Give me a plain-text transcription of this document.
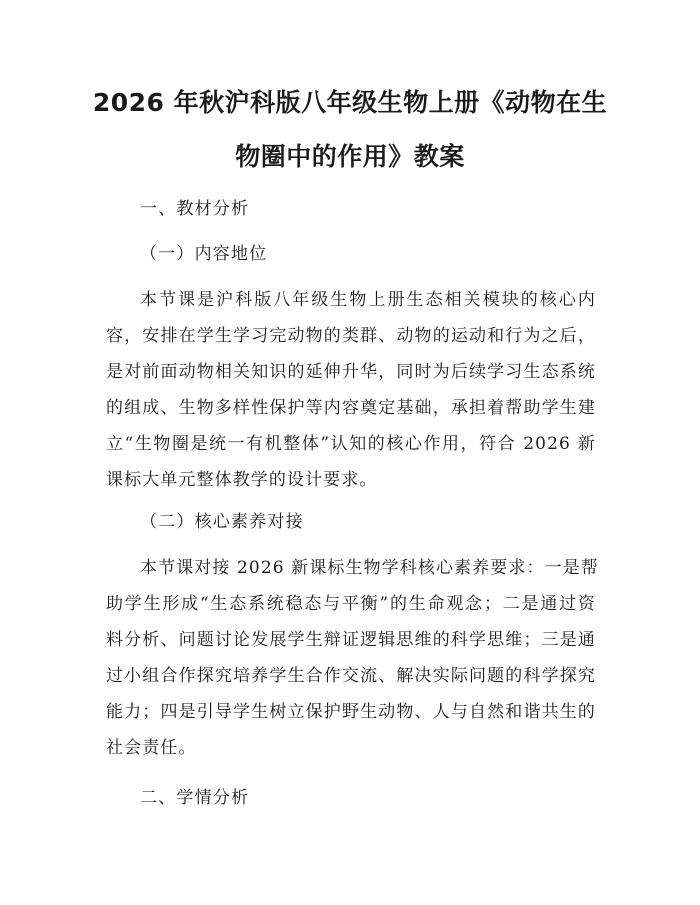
2026 年秋沪科版八年级生物上册《动物在生
物圈中的作用》教案
一、教材分析
（一）内容地位
本节课是沪科版八年级生物上册生态相关模块的核心内
容，安排在学生学习完动物的类群、动物的运动和行为之后，
是对前面动物相关知识的延伸升华，同时为后续学习生态系统
的组成、生物多样性保护等内容奠定基础，承担着帮助学生建
立“生物圈是统一有机整体”认知的核心作用，符合 2026 新
课标大单元整体教学的设计要求。
（二）核心素养对接
本节课对接 2026 新课标生物学科核心素养要求：一是帮
助学生形成“生态系统稳态与平衡”的生命观念；二是通过资
料分析、问题讨论发展学生辩证逻辑思维的科学思维；三是通
过小组合作探究培养学生合作交流、解决实际问题的科学探究
能力；四是引导学生树立保护野生动物、人与自然和谐共生的
社会责任。
二、学情分析
